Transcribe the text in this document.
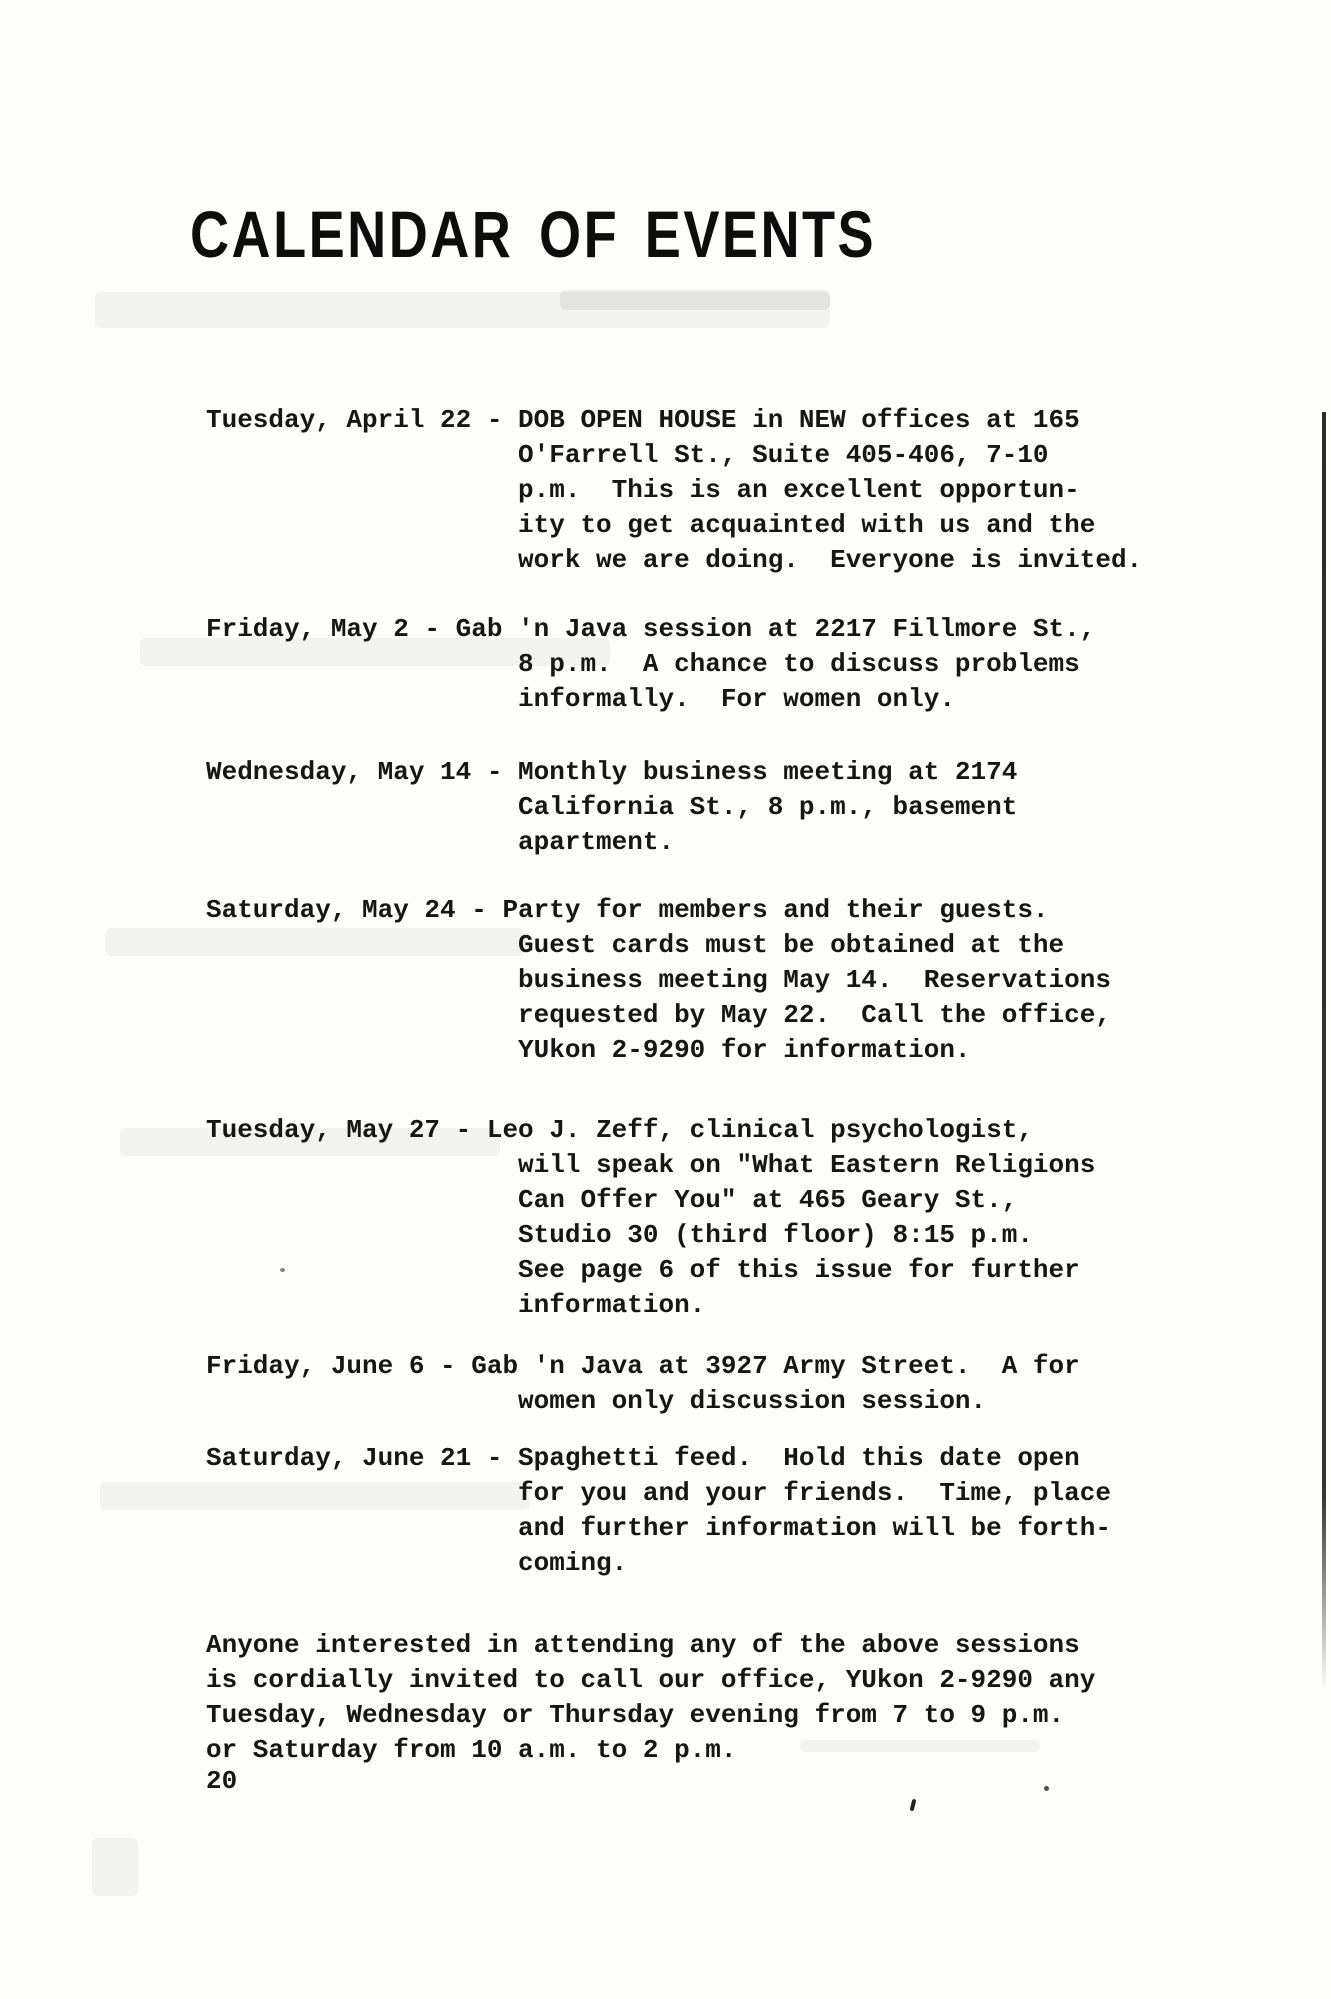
CALENDAR OF EVENTS
Tuesday, April 22 - DOB OPEN HOUSE in NEW offices at 165
O'Farrell St., Suite 405-406, 7-10
p.m.  This is an excellent opportun-
ity to get acquainted with us and the
work we are doing.  Everyone is invited.
Friday, May 2 - Gab 'n Java session at 2217 Fillmore St.,
8 p.m.  A chance to discuss problems
informally.  For women only.
Wednesday, May 14 - Monthly business meeting at 2174
California St., 8 p.m., basement
apartment.
Saturday, May 24 - Party for members and their guests.
Guest cards must be obtained at the
business meeting May 14.  Reservations
requested by May 22.  Call the office,
YUkon 2-9290 for information.
Tuesday, May 27 - Leo J. Zeff, clinical psychologist,
will speak on "What Eastern Religions
Can Offer You" at 465 Geary St.,
Studio 30 (third floor) 8:15 p.m.
See page 6 of this issue for further
information.
Friday, June 6 - Gab 'n Java at 3927 Army Street.  A for
women only discussion session.
Saturday, June 21 - Spaghetti feed.  Hold this date open
for you and your friends.  Time, place
and further information will be forth-
coming.
Anyone interested in attending any of the above sessions
is cordially invited to call our office, YUkon 2-9290 any
Tuesday, Wednesday or Thursday evening from 7 to 9 p.m.
or Saturday from 10 a.m. to 2 p.m.
20
